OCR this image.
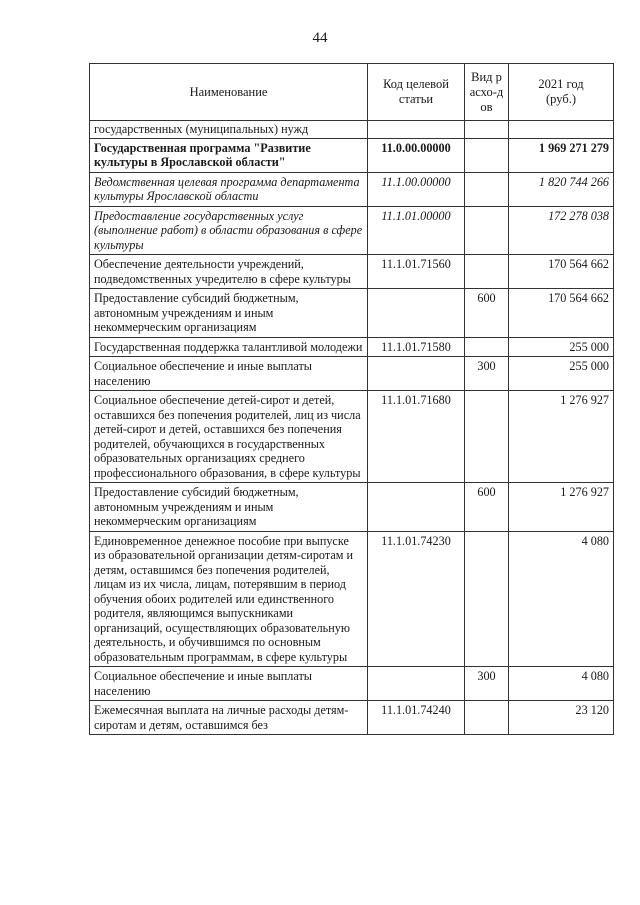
44
Наименование	Код целевой статьи	Вид расхо-дов	2021 год (руб.)
государственных (муниципальных) нужд			
Государственная программа "Развитие культуры в Ярославской области"	11.0.00.00000		1 969 271 279
Ведомственная целевая программа департамента культуры Ярославской области	11.1.00.00000		1 820 744 266
Предоставление государственных услуг (выполнение работ) в области образования в сфере культуры	11.1.01.00000		172 278 038
Обеспечение деятельности учреждений, подведомственных учредителю в сфере культуры	11.1.01.71560		170 564 662
Предоставление субсидий бюджетным, автономным учреждениям и иным некоммерческим организациям		600	170 564 662
Государственная поддержка талантливой молодежи	11.1.01.71580		255 000
Социальное обеспечение и иные выплаты населению		300	255 000
Социальное обеспечение детей-сирот и детей, оставшихся без попечения родителей, лиц из числа детей-сирот и детей, оставшихся без попечения родителей, обучающихся в государственных образовательных организациях среднего профессионального образования, в сфере культуры	11.1.01.71680		1 276 927
Предоставление субсидий бюджетным, автономным учреждениям и иным некоммерческим организациям		600	1 276 927
Единовременное денежное пособие при выпуске из образовательной организации детям-сиротам и детям, оставшимся без попечения родителей, лицам из их числа, лицам, потерявшим в период обучения обоих родителей или единственного родителя, являющимся выпускниками организаций, осуществляющих образовательную деятельность, и обучившимся по основным образовательным программам, в сфере культуры	11.1.01.74230		4 080
Социальное обеспечение и иные выплаты населению		300	4 080
Ежемесячная выплата на личные расходы детям-сиротам и детям, оставшимся без	11.1.01.74240		23 120
